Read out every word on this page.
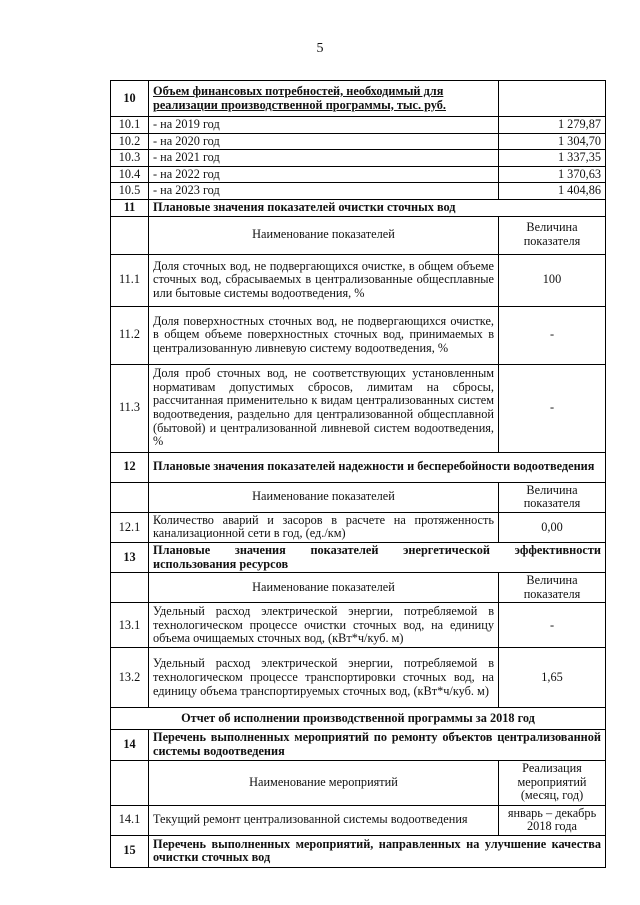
5
10	Объем финансовых потребностей, необходимый для реализации производственной программы, тыс. руб.	
10.1	- на 2019 год	1 279,87
10.2	- на 2020 год	1 304,70
10.3	- на 2021 год	1 337,35
10.4	- на 2022 год	1 370,63
10.5	- на 2023 год	1 404,86
11	Плановые значения показателей очистки сточных вод	
	Наименование показателей	Величина показателя
11.1	Доля сточных вод, не подвергающихся очистке, в общем объеме сточных вод, сбрасываемых в централизованные общесплавные или бытовые системы водоотведения, %	100
11.2	Доля поверхностных сточных вод, не подвергающихся очистке, в общем объеме поверхностных сточных вод, принимаемых в централизованную ливневую систему водоотведения, %	-
11.3	Доля проб сточных вод, не соответствующих установленным нормативам допустимых сбросов, лимитам на сбросы, рассчитанная применительно к видам централизованных систем водоотведения, раздельно для централизованной общесплавной (бытовой) и централизованной ливневой систем водоотведения, %	-
12	Плановые значения показателей надежности и бесперебойности водоотведения	
	Наименование показателей	Величина показателя
12.1	Количество аварий и засоров в расчете на протяженность канализационной сети в год, (ед./км)	0,00
13	Плановые значения показателей энергетической эффективности использования ресурсов	
	Наименование показателей	Величина показателя
13.1	Удельный расход электрической энергии, потребляемой в технологическом процессе очистки сточных вод, на единицу объема очищаемых сточных вод, (кВт*ч/куб. м)	-
13.2	Удельный расход электрической энергии, потребляемой в технологическом процессе транспортировки сточных вод, на единицу объема транспортируемых сточных вод, (кВт*ч/куб. м)	1,65
Отчет об исполнении производственной программы за 2018 год		
14	Перечень выполненных мероприятий по ремонту объектов централизованной системы водоотведения	
	Наименование мероприятий	Реализация мероприятий (месяц, год)
14.1	Текущий ремонт централизованной системы водоотведения	январь – декабрь 2018 года
15	Перечень выполненных мероприятий, направленных на улучшение качества очистки сточных вод	
